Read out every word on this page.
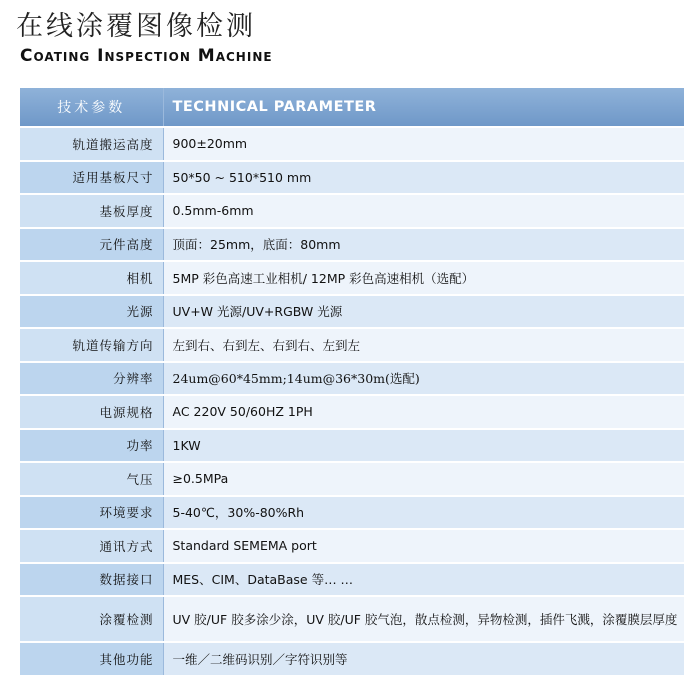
在线涂覆图像检测
Coating Inspection Machine
技术参数	TECHNICAL PARAMETER
轨道搬运高度	900±20mm
适用基板尺寸	50*50 ~ 510*510 mm
基板厚度	0.5mm-6mm
元件高度	顶面：25mm，底面：80mm
相机	5MP 彩色高速工业相机/ 12MP 彩色高速相机（选配）
光源	UV+W 光源/UV+RGBW 光源
轨道传输方向	左到右、右到左、右到右、左到左
分辨率	24um@60*45mm;14um@36*30m(选配)
电源规格	AC 220V 50/60HZ 1PH
功率	1KW
气压	≥0.5MPa
环境要求	5-40℃，30%-80%Rh
通讯方式	Standard SEMEMA port
数据接口	MES、CIM、DataBase 等… …
涂覆检测	UV 胶/UF 胶多涂少涂，UV 胶/UF 胶气泡，散点检测，异物检测，插件飞溅，涂覆膜层厚度
其他功能	一维／二维码识别／字符识别等
